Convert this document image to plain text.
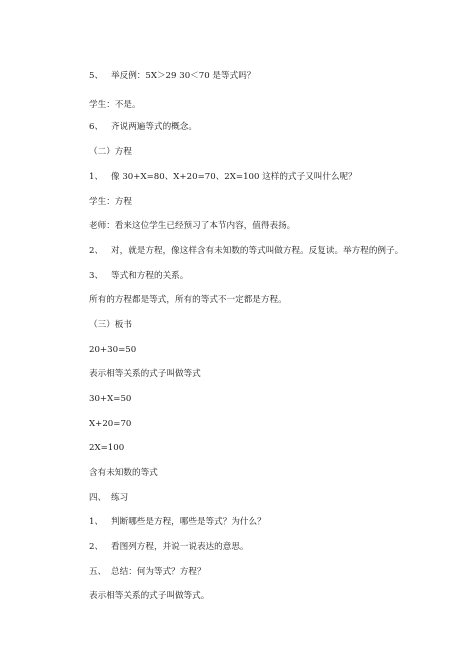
5、 举反例：5X＞29 30＜70 是等式吗？
学生：不是。
6、 齐说两遍等式的概念。
（二）方程
1、 像 30+X=80、X+20=70、2X=100 这样的式子又叫什么呢？
学生：方程
老师：看来这位学生已经预习了本节内容，值得表扬。
2、 对，就是方程，像这样含有未知数的等式叫做方程。反复读。举方程的例子。
3、 等式和方程的关系。
所有的方程都是等式，所有的等式不一定都是方程。
（三）板书
20+30=50
表示相等关系的式子叫做等式
30+X=50
X+20=70
2X=100
含有未知数的等式
四、 练习
1、 判断哪些是方程，哪些是等式？为什么？
2、 看图列方程，并说一说表达的意思。
五、 总结：何为等式？方程？
表示相等关系的式子叫做等式。
